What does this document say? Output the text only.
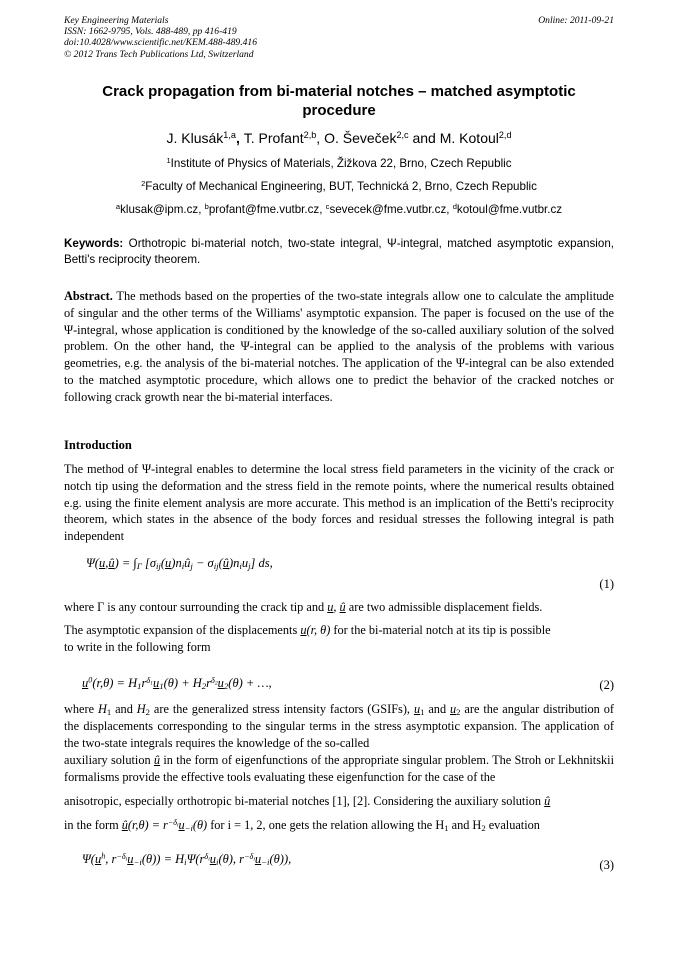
Key Engineering Materials
ISSN: 1662-9795, Vols. 488-489, pp 416-419
doi:10.4028/www.scientific.net/KEM.488-489.416
© 2012 Trans Tech Publications Ltd, Switzerland
Online: 2011-09-21
Crack propagation from bi-material notches – matched asymptotic procedure
J. Klusák$^{1,a}$, T. Profant$^{2,b}$, O. Ševeček$^{2,c}$ and M. Kotoul$^{2,d}$
$^1$Institute of Physics of Materials, Žižkova 22, Brno, Czech Republic
$^2$Faculty of Mechanical Engineering, BUT, Technická 2, Brno, Czech Republic
$^a$klusak@ipm.cz, $^b$profant@fme.vutbr.cz, $^c$sevecek@fme.vutbr.cz, $^d$kotoul@fme.vutbr.cz
Keywords: Orthotropic bi-material notch, two-state integral, Ψ-integral, matched asymptotic expansion, Betti's reciprocity theorem.
Abstract. The methods based on the properties of the two-state integrals allow one to calculate the amplitude of singular and the other terms of the Williams' asymptotic expansion. The paper is focused on the use of the Ψ-integral, whose application is conditioned by the knowledge of the so-called auxiliary solution of the solved problem. On the other hand, the Ψ-integral can be applied to the analysis of the problems with various geometries, e.g. the analysis of the bi-material notches. The application of the Ψ-integral can be also extended to the matched asymptotic procedure, which allows one to predict the behavior of the cracked notches or following crack growth near the bi-material interfaces.
Introduction
The method of Ψ-integral enables to determine the local stress field parameters in the vicinity of the crack or notch tip using the deformation and the stress field in the remote points, where the numerical results obtained e.g. using the finite element analysis are more accurate. This method is an implication of the Betti's reciprocity theorem, which states in the absence of the body forces and residual stresses the following integral is path independent
Ψ(u,û) = $\int_\Gamma$ [$\sigma_{ij}(u)n_iû_j$ − $\sigma_{ij}(û)n_iu_j$] ds,
(1)
where Γ is any contour surrounding the crack tip and u, û are two admissible displacement fields.
The asymptotic expansion of the displacements u(r, θ) for the bi-material notch at its tip is possible
to write in the following form
$u^0(r,\theta) = H_1r^{\delta_1}u_1(\theta) + H_2r^{\delta_2}u_2(\theta)$ + …,	(2)
where $H_1$ and $H_2$ are the generalized stress intensity factors (GSIFs), $u_1$ and $u_2$ are the angular distribution of the displacements corresponding to the singular terms in the stress asymptotic expansion. The application of the two-state integrals requires the knowledge of the so-called
auxiliary solution û in the form of eigenfunctions of the appropriate singular problem. The Stroh or Lekhnitskii formalisms provide the effective tools evaluating these eigenfunction for the case of the
anisotropic, especially orthotropic bi-material notches [1], [2]. Considering the auxiliary solution û
in the form û(r,θ) = $r^{-\delta_i}u_{-i}(\theta)$ for i = 1, 2, one gets the relation allowing the $H_1$ and $H_2$ evaluation
$\Psi(u^h$, $r^{-\delta_i}u_{-i}(\theta)) = H_i\Psi(r^{\delta_i}u_i(\theta)$, $r^{-\delta_i}u_{-i}(\theta)$),	(3)
